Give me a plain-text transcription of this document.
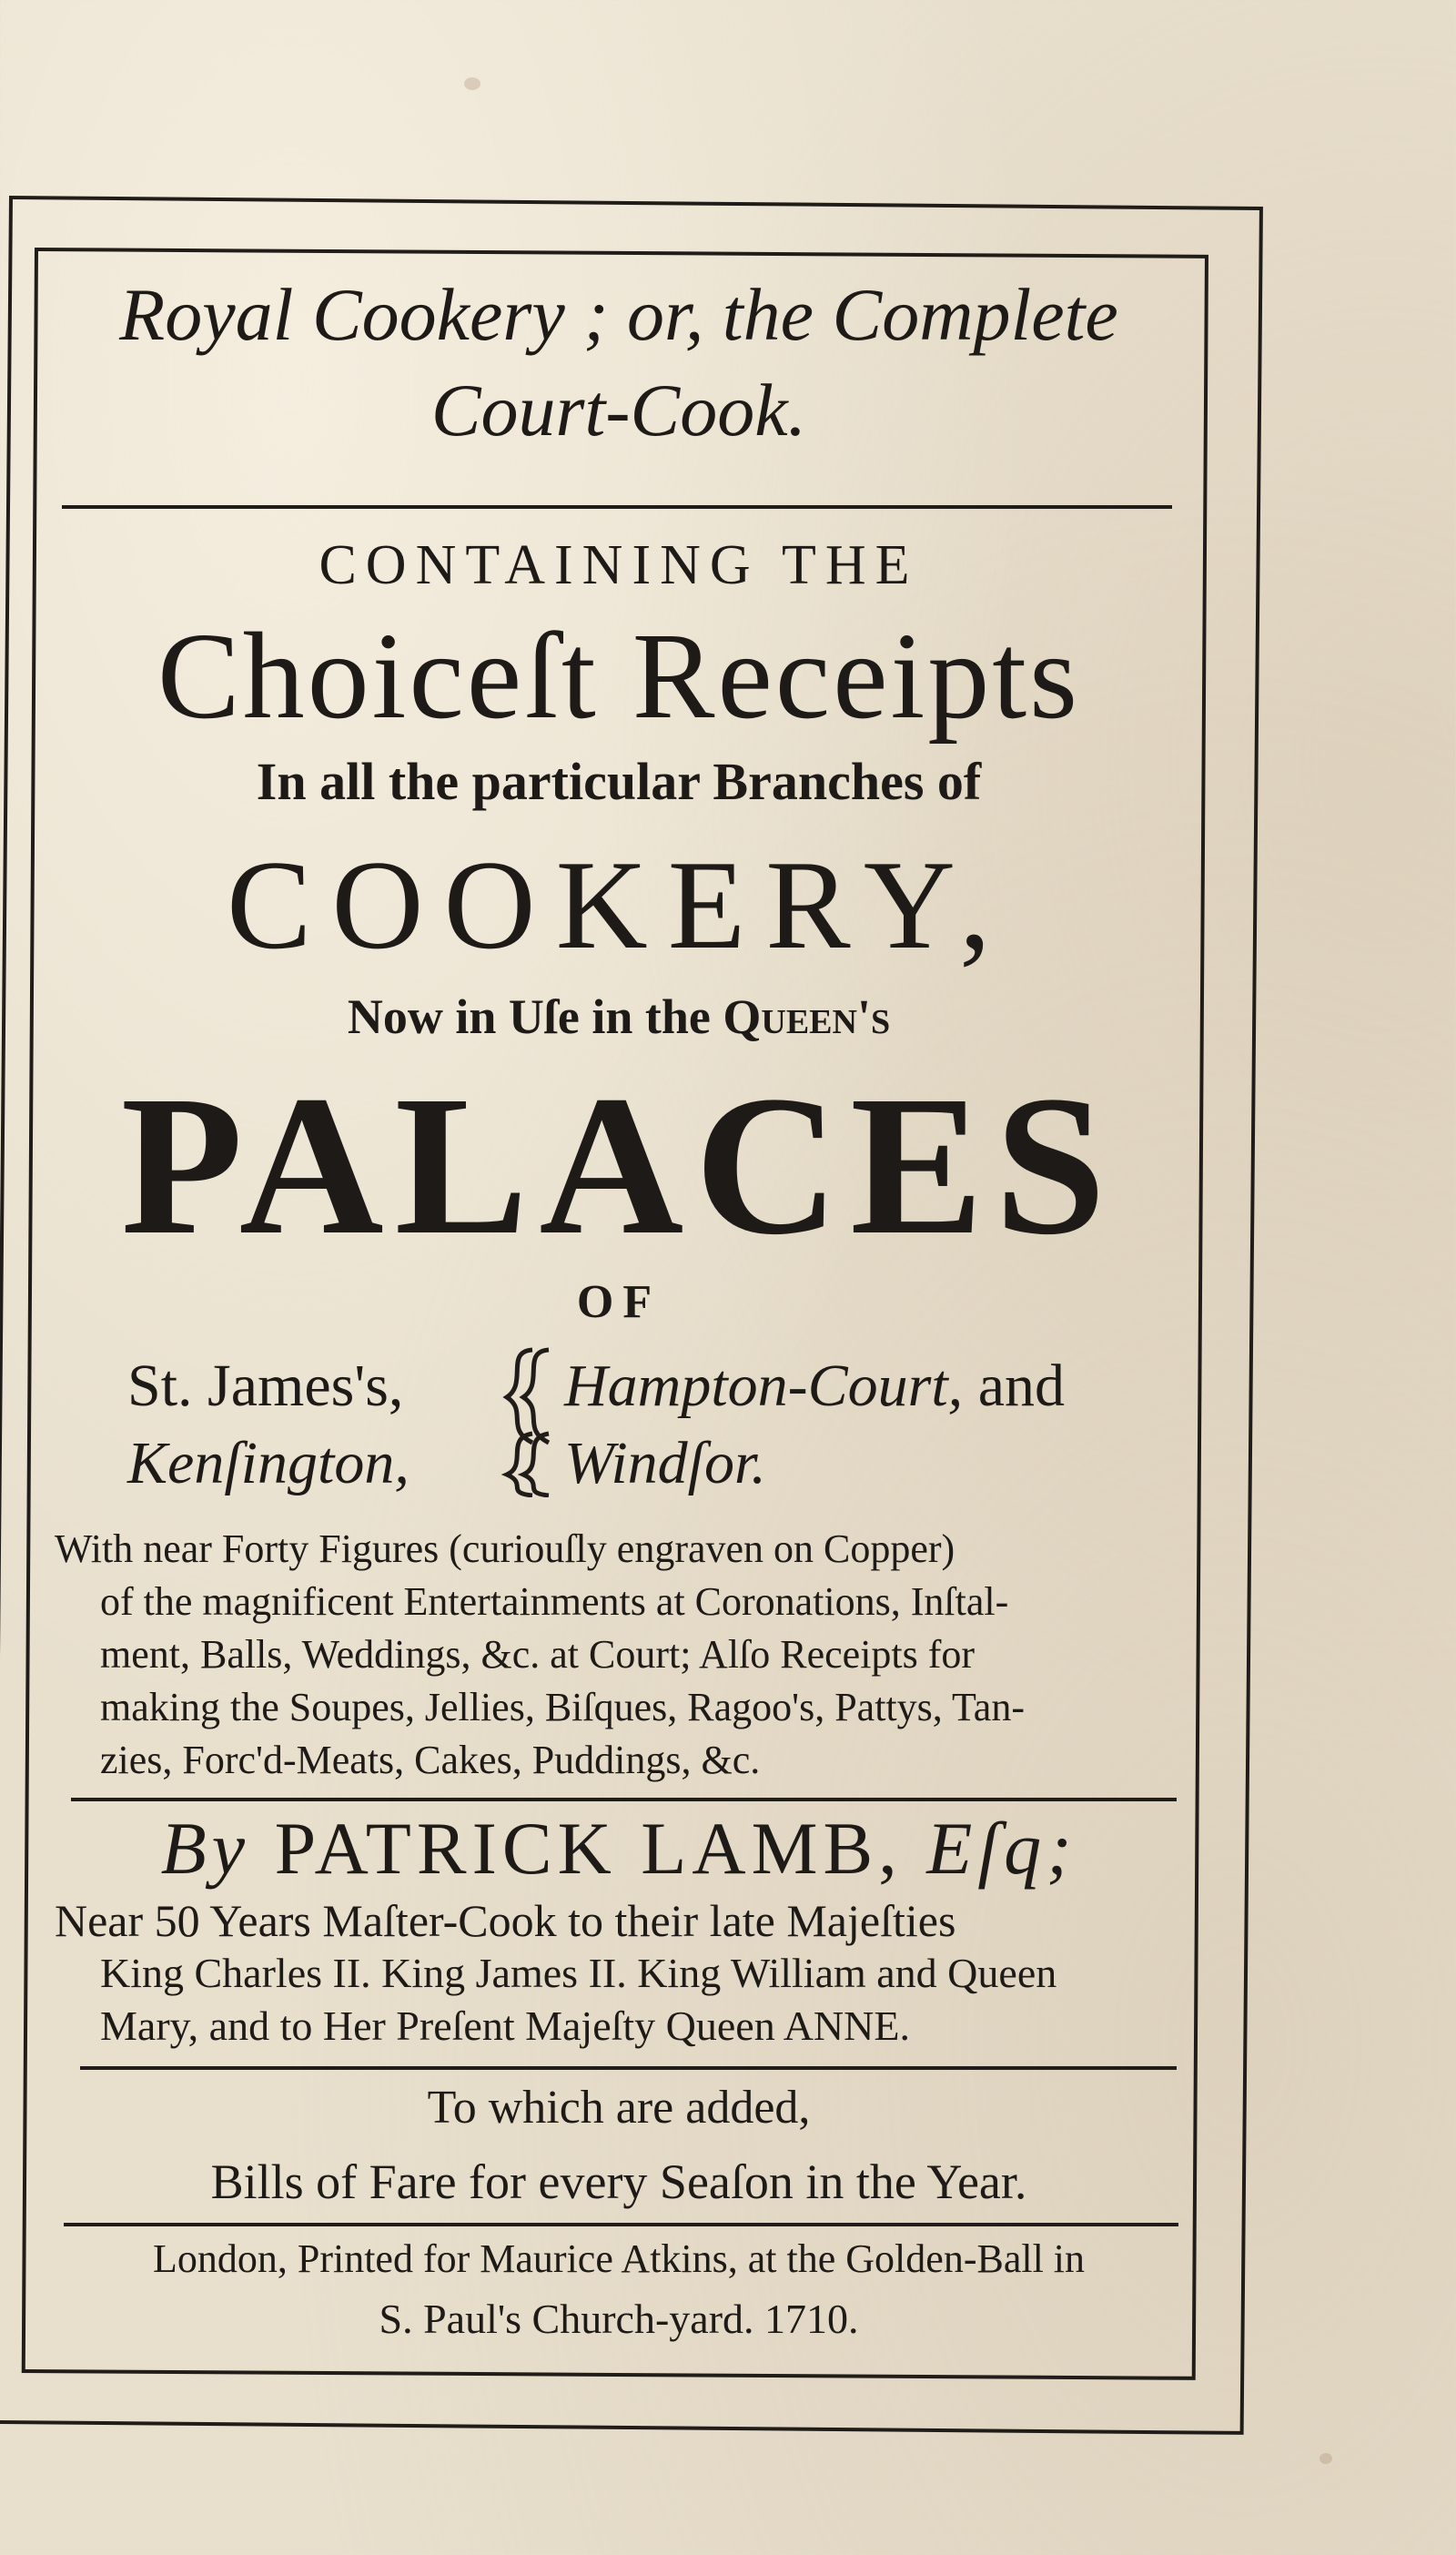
Royal Cookery ; or, the Complete
Court-Cook.
CONTAINING THE
Choiceſt Receipts
In all the particular Branches of
COOKERY,
Now in Uſe in the Queen's
PALACES
OF
St. James's,
Kenſington,
Hampton-Court, and
Windſor.
With near Forty Figures (curiouſly engraven on Copper)
of the magnificent Entertainments at Coronations, Inſtal-
ment, Balls, Weddings, &c. at Court; Alſo Receipts for
making the Soupes, Jellies, Biſques, Ragoo's, Pattys, Tan-
zies, Forc'd-Meats, Cakes, Puddings, &c.
By PATRICK LAMB, Eſq;
Near 50 Years Maſter-Cook to their late Majeſties
King Charles II. King James II. King William and Queen
Mary, and to Her Preſent Majeſty Queen ANNE.
To which are added,
Bills of Fare for every Seaſon in the Year.
London, Printed for Maurice Atkins, at the Golden-Ball in
S. Paul's Church-yard. 1710.
